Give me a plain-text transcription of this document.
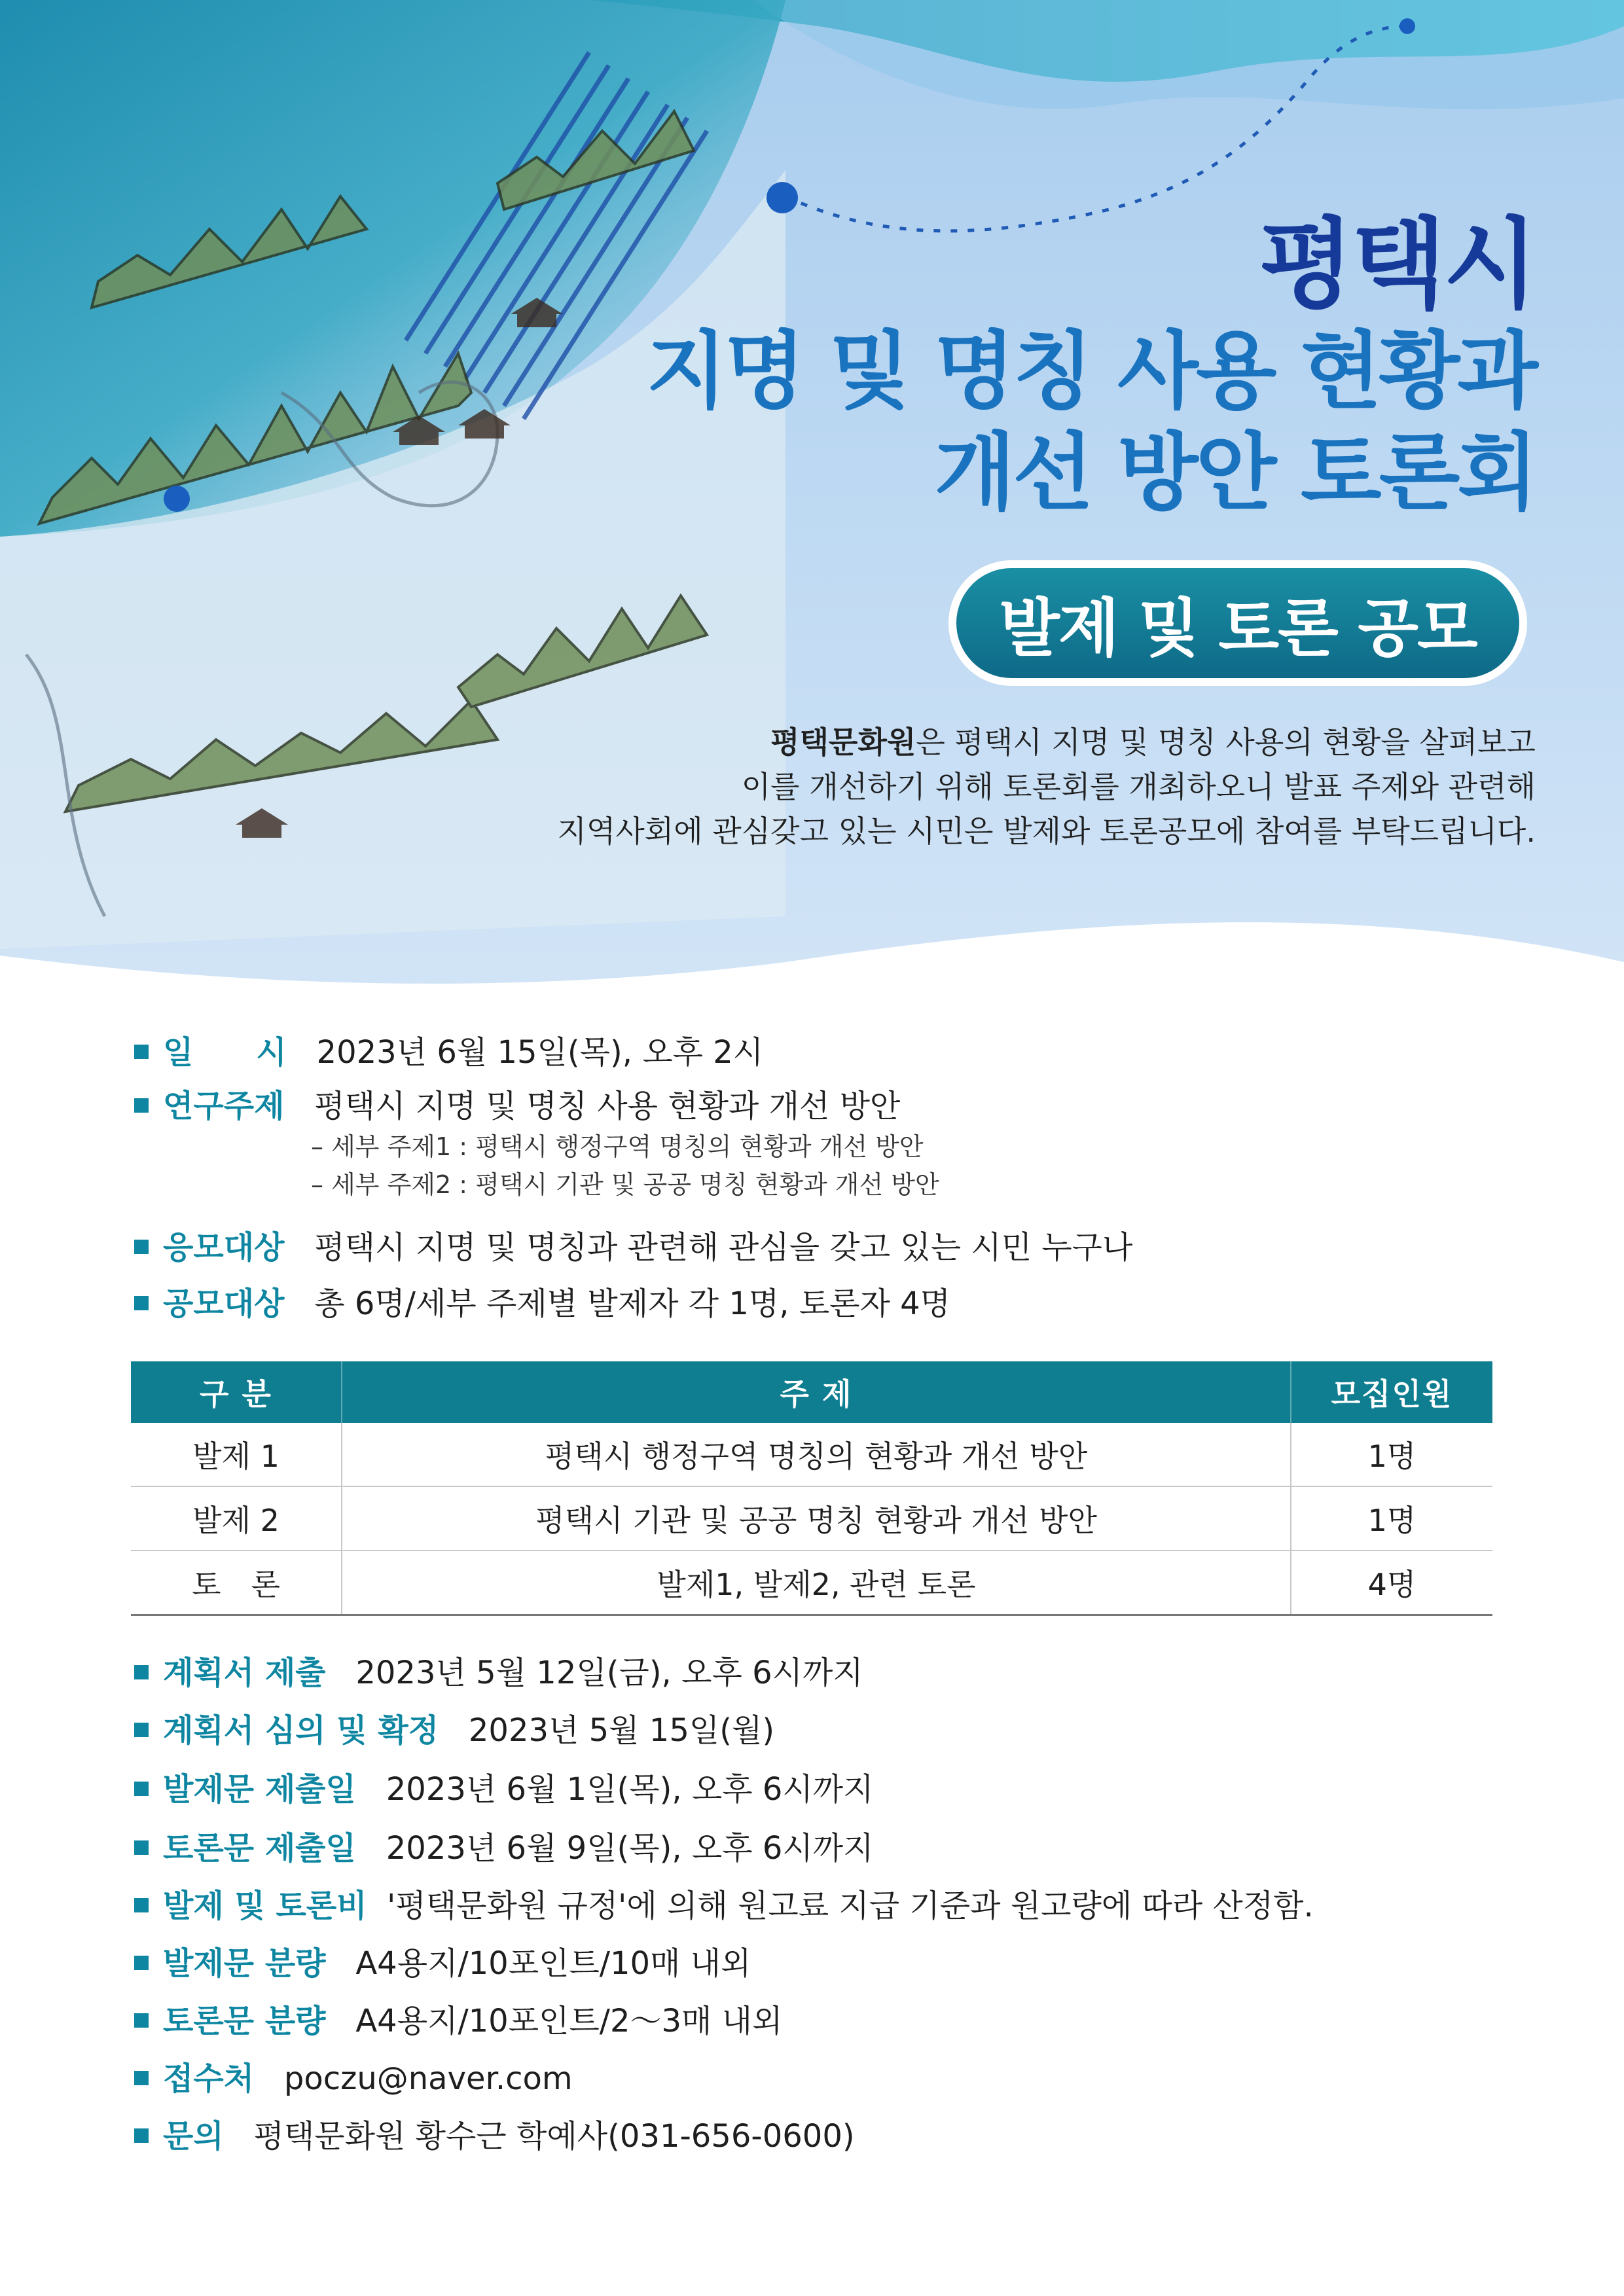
평택시
지명 및 명칭 사용 현황과
개선 방안 토론회
발제 및 토론 공모
평택문화원은 평택시 지명 및 명칭 사용의 현황을 살펴보고
이를 개선하기 위해 토론회를 개최하오니 발표 주제와 관련해
지역사회에 관심갖고 있는 시민은 발제와 토론공모에 참여를 부탁드립니다.
일　　시 2023년 6월 15일(목), 오후 2시
연구주제 평택시 지명 및 명칭 사용 현황과 개선 방안
– 세부 주제1 : 평택시 행정구역 명칭의 현황과 개선 방안
– 세부 주제2 : 평택시 기관 및 공공 명칭 현황과 개선 방안
응모대상 평택시 지명 및 명칭과 관련해 관심을 갖고 있는 시민 누구나
공모대상 총 6명/세부 주제별 발제자 각 1명, 토론자 4명
구 분	주 제	모집인원
발제 1	평택시 행정구역 명칭의 현황과 개선 방안	1명
발제 2	평택시 기관 및 공공 명칭 현황과 개선 방안	1명
토　론	발제1, 발제2, 관련 토론	4명
계획서 제출 2023년 5월 12일(금), 오후 6시까지
계획서 심의 및 확정 2023년 5월 15일(월)
발제문 제출일 2023년 6월 1일(목), 오후 6시까지
토론문 제출일 2023년 6월 9일(목), 오후 6시까지
발제 및 토론비 '평택문화원 규정'에 의해 원고료 지급 기준과 원고량에 따라 산정함.
발제문 분량 A4용지/10포인트/10매 내외
토론문 분량 A4용지/10포인트/2～3매 내외
접수처 poczu@naver.com
문의 평택문화원 황수근 학예사(031-656-0600)
